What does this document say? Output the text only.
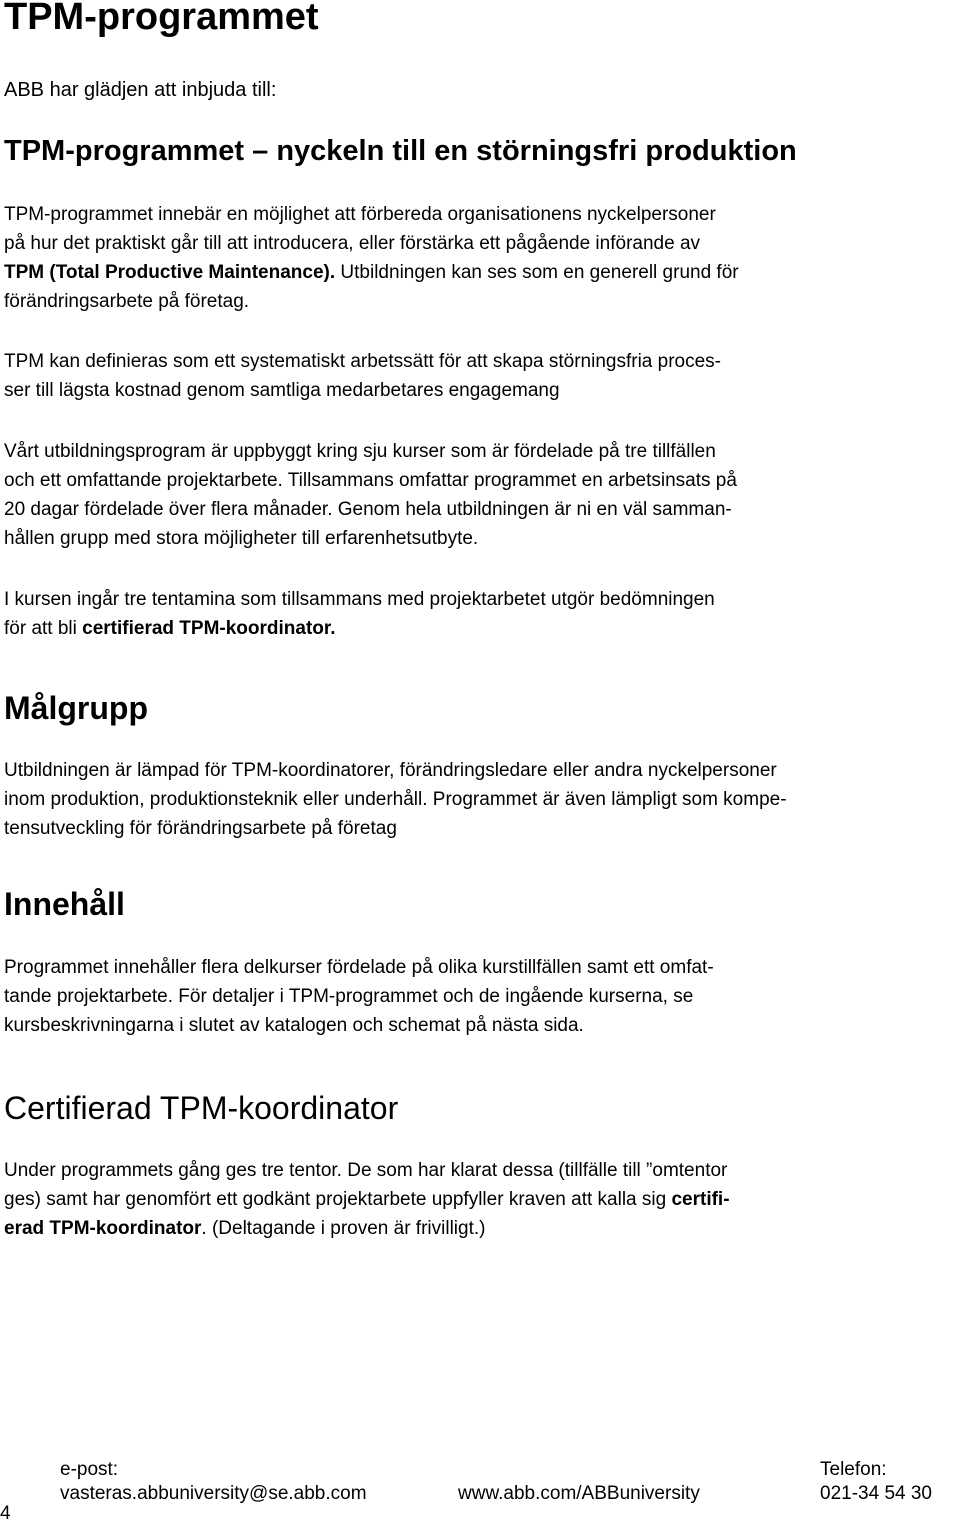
TPM-programmet

ABB har glädjen att inbjuda till:

TPM-programmet – nyckeln till en störningsfri produktion
TPM-programmet innebär en möjlighet att förbereda organisationens nyckelpersoner
på hur det praktiskt går till att introducera, eller förstärka ett pågående införande av
TPM (Total Productive Maintenance). Utbildningen kan ses som en generell grund för
förändringsarbete på företag.
TPM kan definieras som ett systematiskt arbetssätt för att skapa störningsfria proces-
ser till lägsta kostnad genom samtliga medarbetares engagemang
Vårt utbildningsprogram är uppbyggt kring sju kurser som är fördelade på tre tillfällen
och ett omfattande projektarbete. Tillsammans omfattar programmet en arbetsinsats på
20 dagar fördelade över flera månader. Genom hela utbildningen är ni en väl samman-
hållen grupp med stora möjligheter till erfarenhetsutbyte.
I kursen ingår tre tentamina som tillsammans med projektarbetet utgör bedömningen
för att bli certifierad TPM-koordinator.
Målgrupp
Utbildningen är lämpad för TPM-koordinatorer, förändringsledare eller andra nyckelpersoner
inom produktion, produktionsteknik eller underhåll. Programmet är även lämpligt som kompe-
tensutveckling för förändringsarbete på företag
Innehåll
Programmet innehåller flera delkurser fördelade på olika kurstillfällen samt ett omfat-
tande projektarbete. För detaljer i TPM-programmet och de ingående kurserna, se
kursbeskrivningarna i slutet av katalogen och schemat på nästa sida.
Certifierad TPM-koordinator
Under programmets gång ges tre tentor. De som har klarat dessa (tillfälle till ”omtentor
ges) samt har genomfört ett godkänt projektarbete uppfyller kraven att kalla sig certifi-
erad TPM-koordinator. (Deltagande i proven är frivilligt.)
4
e-post:
vasteras.abbuniversity@se.abb.com	www.abb.com/ABBuniversity
Telefon:
021-34 54 30
